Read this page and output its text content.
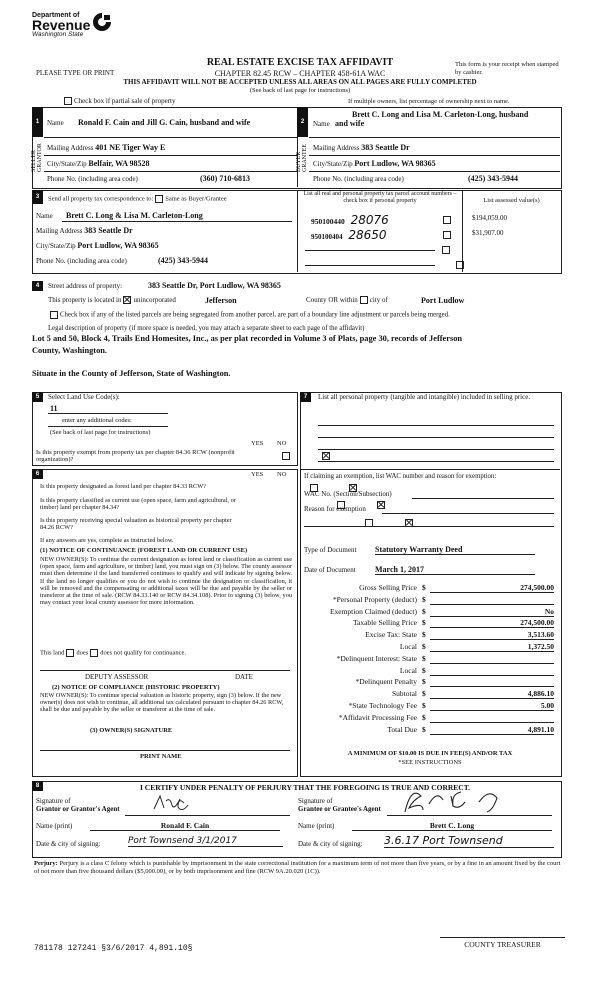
Department of
Revenue
Washington State
REAL ESTATE EXCISE TAX AFFIDAVIT
CHAPTER 82.45 RCW – CHAPTER 458-61A WAC
THIS AFFIDAVIT WILL NOT BE ACCEPTED UNLESS ALL AREAS ON ALL PAGES ARE FULLY COMPLETED
(See back of last page for instructions)
PLEASE TYPE OR PRINT
This form is your receipt when stamped by cashier.
Check box if partial sale of property	If multiple owners, list percentage of ownership next to name.
1	2
SELLER GRANTOR	BUYER GRANTEE
Name Ronald F. Cain and Jill G. Cain, husband and wife
Mailing Address 401 NE Tiger Way E
City/State/Zip Belfair, WA 98528
Phone No. (including area code)	(360) 710-6813
Brett C. Long and Lisa M. Carleton-Long, husband
Name and wife
Mailing Address 383 Seattle Dr
City/State/Zip Port Ludlow, WA 98365
Phone No. (including area code)	(425) 343-5944
3	Send all property tax correspondence to: Same as Buyer/Grantee
List all real and personal property tax parcel account numbers – check box if personal property	List assessed value(s)
Name Brett C. Long & Lisa M. Carleton-Long
Mailing Address 383 Seattle Dr
City/State/Zip Port Ludlow, WA 98365
Phone No. (including area code)	(425) 343-5944
950100440 28076	$194,059.00
950100404 28650	$31,907.00

4	Street address of property:	383 Seattle Dr, Port Ludlow, WA 98365
This property is located in unincorporated	Jefferson	County OR within city of	Port Ludlow
Check box if any of the listed parcels are being segregated from another parcel, are part of a boundary line adjustment or parcels being merged.
Legal description of property (if more space is needed, you may attach a separate sheet to each page of the affidavit)
Lot 5 and 50, Block 4, Trails End Homesites, Inc., as per plat recorded in Volume 3 of Plats, page 30, records of Jefferson
County, Washington.
Situate in the County of Jefferson, State of Washington.
5	Select Land Use Code(s):
11
enter any additional codes:
(See back of last page for instructions)
YES NO
Is this property exempt from property tax per chapter 84.36 RCW (nonprofit organization)?

6	YES NO
Is this property designated as forest land per chapter 84.33 RCW?

Is this property classified as current use (open space, farm and agricultural, or timber) land per chapter 84.34?

Is this property receiving special valuation as historical property per chapter 84.26 RCW?

If any answers are yes, complete as instructed below.
(1) NOTICE OF CONTINUANCE (FOREST LAND OR CURRENT USE)
NEW OWNER(S): To continue the current designation as forest land or classification as current use (open space, farm and agriculture, or timber) land, you must sign on (3) below. The county assessor must then determine if the land transferred continues to qualify and will indicate by signing below. If the land no longer qualifies or you do not wish to continue the designation or classification, it will be removed and the compensating or additional taxes will be due and payable by the seller or transferor at the time of sale. (RCW 84.33.140 or RCW 84.34.108). Prior to signing (3) below, you may contact your local county assessor for more information.
This land does does not qualify for continuance.
DEPUTY ASSESSOR	DATE
(2) NOTICE OF COMPLIANCE (HISTORIC PROPERTY)
NEW OWNER(S): To continue special valuation as historic property, sign (3) below. If the new owner(s) does not wish to continue, all additional tax calculated pursuant to chapter 84.26 RCW, shall be due and payable by the seller or transferor at the time of sale.
(3) OWNER(S) SIGNATURE
PRINT NAME
7	List all personal property (tangible and intangible) included in selling price.
If claiming an exemption, list WAC number and reason for exemption:
WAC No. (Section/Subsection)
Reason for exemption
Type of Document Statutory Warranty Deed
Date of Document March 1, 2017
Gross Selling Price $	274,500.00
*Personal Property (deduct) $
Exemption Claimed (deduct) $	No
Taxable Selling Price $	274,500.00
Excise Tax: State $	3,513.60
Local $	1,372.50
*Delinquent Interest: State $
Local $
*Delinquent Penalty $
Subtotal $	4,886.10
*State Technology Fee $	5.00
*Affidavit Processing Fee $
Total Due $	4,891.10
A MINIMUM OF $10.00 IS DUE IN FEE(S) AND/OR TAX
*SEE INSTRUCTIONS
8	I CERTIFY UNDER PENALTY OF PERJURY THAT THE FOREGOING IS TRUE AND CORRECT.
Signature of
Grantor or Grantor's Agent
Signature of
Grantee or Grantee's Agent
Name (print)	Ronald F. Cain	Name (print)	Brett C. Long
Date & city of signing:	Port Townsend 3/1/2017	Date & city of signing: 3.6.17 Port Townsend
Perjury: Perjury is a class C felony which is punishable by imprisonment in the state correctional institution for a maximum term of not more than five years, or by a fine in an amount fixed by the court of not more than five thousand dollars ($5,000.00), or by both imprisonment and fine (RCW 9A.20.020 (1C)).
781178 127241 §3/6/2017 4,891.10§	COUNTY TREASURER
